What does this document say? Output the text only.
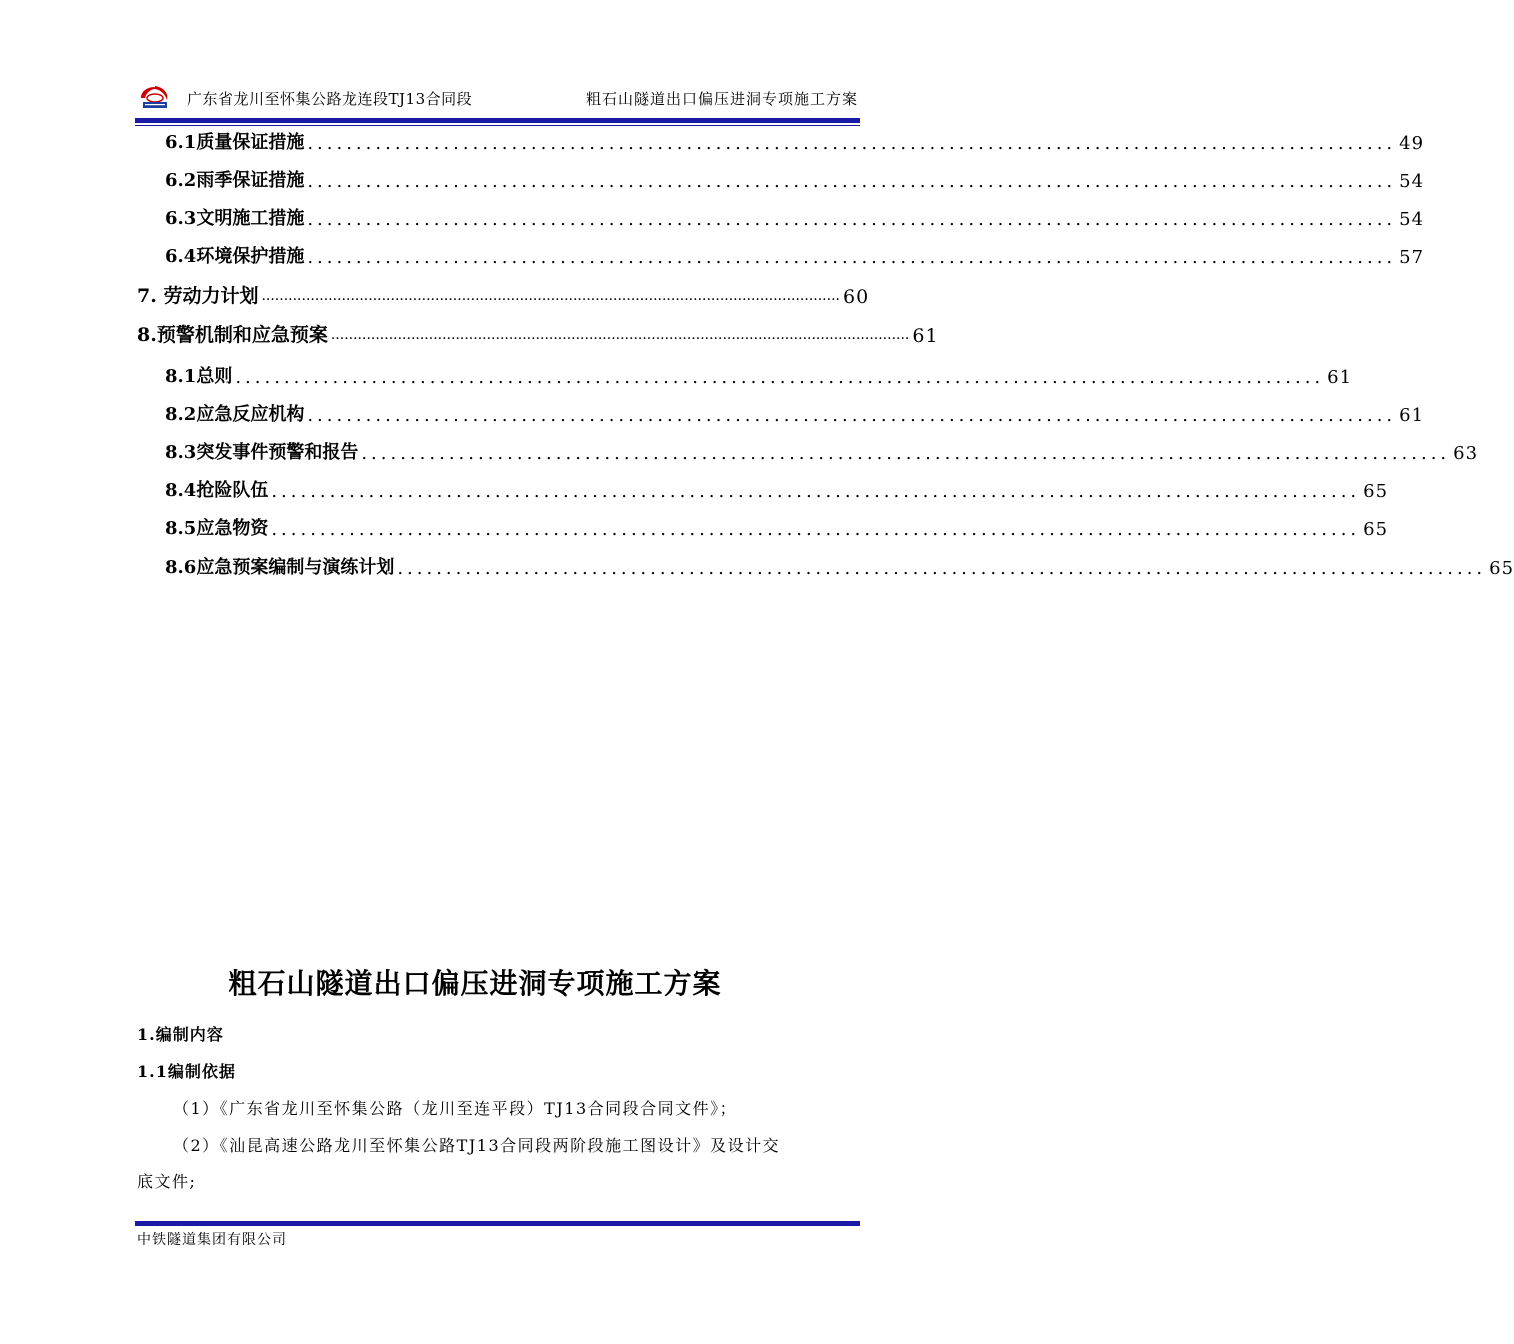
广东省龙川至怀集公路龙连段TJ13合同段	粗石山隧道出口偏压进洞专项施工方案
6.1质量保证措施 ................................................................................................................ 49
6.2雨季保证措施 ................................................................................................................ 54
6.3文明施工措施 ................................................................................................................ 54
6.4环境保护措施 ................................................................................................................ 57
7. 劳动力计划 ·································································································································· 60
8.预警机制和应急预案 ·································································································································· 61
8.1总则 ................................................................................................................ 61
8.2应急反应机构 ................................................................................................................ 61
8.3突发事件预警和报告 ................................................................................................................ 63
8.4抢险队伍 ................................................................................................................ 65
8.5应急物资 ................................................................................................................ 65
8.6应急预案编制与演练计划 ................................................................................................................ 65
粗石山隧道出口偏压进洞专项施工方案
1.编制内容
1.1编制依据
（1）《广东省龙川至怀集公路（龙川至连平段）TJ13合同段合同文件》；
（2）《汕昆高速公路龙川至怀集公路TJ13合同段两阶段施工图设计》及设计交
底文件;
中铁隧道集团有限公司
